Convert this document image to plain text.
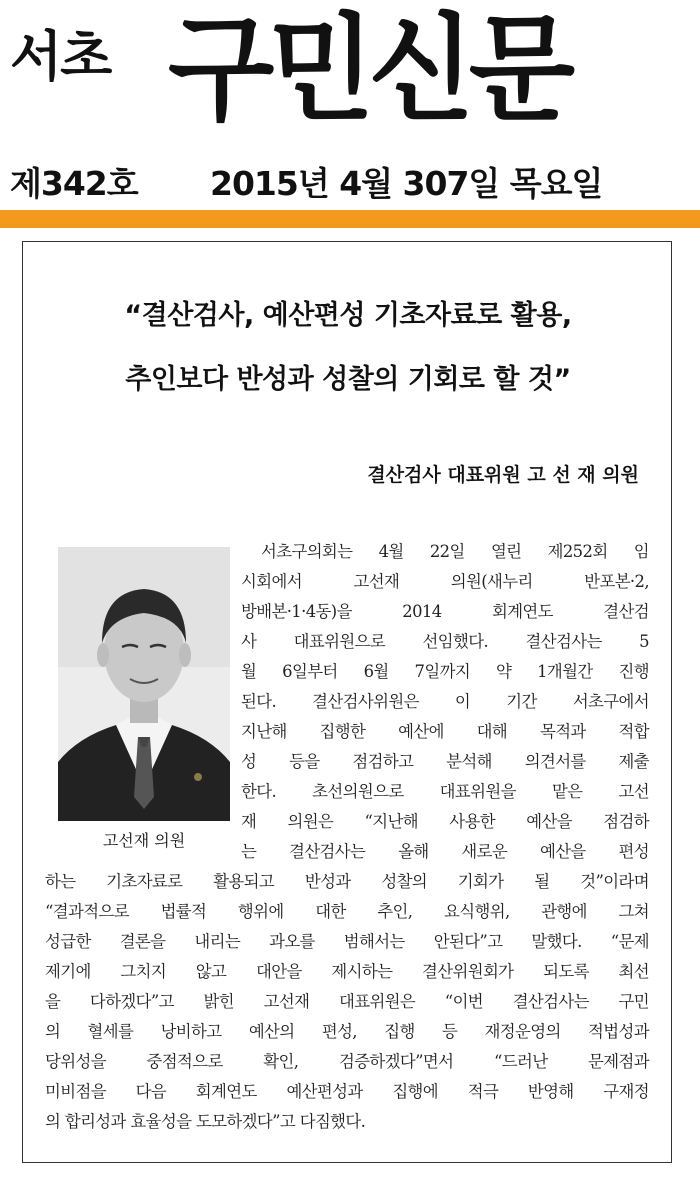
서초 구민신문
제342호 2015년 4월 307일 목요일
“결산검사, 예산편성 기초자료로 활용,
추인보다 반성과 성찰의 기회로 할 것”
결산검사 대표위원 고 선 재 의원
고선재 의원
서초구의회는 4월 22일 열린 제252회 임
시회에서 고선재 의원(새누리 반포본·2,
방배본·1·4동)을 2014 회계연도 결산검
사 대표위원으로 선임했다. 결산검사는 5
월 6일부터 6월 7일까지 약 1개월간 진행
된다. 결산검사위원은 이 기간 서초구에서
지난해 집행한 예산에 대해 목적과 적합
성 등을 점검하고 분석해 의견서를 제출
한다. 초선의원으로 대표위원을 맡은 고선
재 의원은 “지난해 사용한 예산을 점검하
는 결산검사는 올해 새로운 예산을 편성
하는 기초자료로 활용되고 반성과 성찰의 기회가 될 것”이라며
“결과적으로 법률적 행위에 대한 추인, 요식행위, 관행에 그쳐
성급한 결론을 내리는 과오를 범해서는 안된다”고 말했다. “문제
제기에 그치지 않고 대안을 제시하는 결산위원회가 되도록 최선
을 다하겠다”고 밝힌 고선재 대표위원은 “이번 결산검사는 구민
의 혈세를 낭비하고 예산의 편성, 집행 등 재정운영의 적법성과
당위성을 중점적으로 확인, 검증하겠다”면서 “드러난 문제점과
미비점을 다음 회계연도 예산편성과 집행에 적극 반영해 구재정
의 합리성과 효율성을 도모하겠다”고 다짐했다.
